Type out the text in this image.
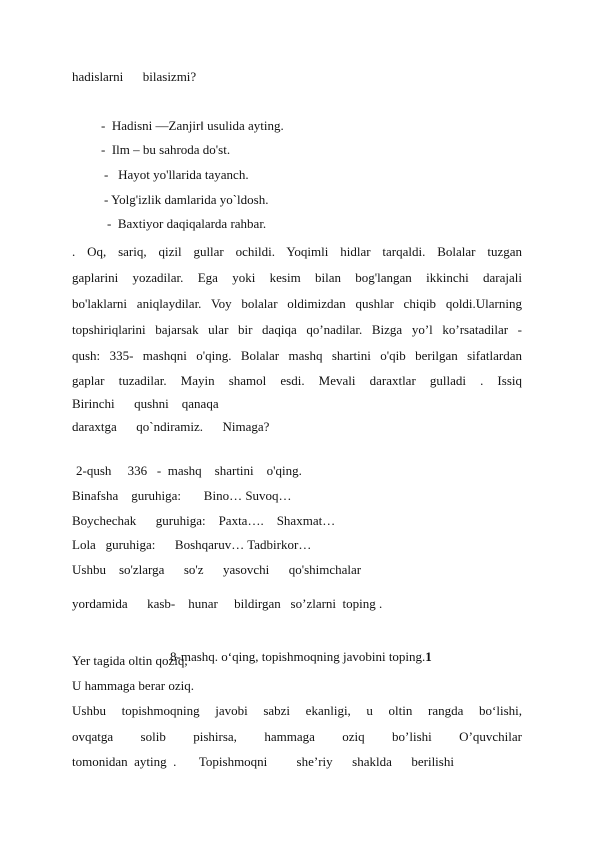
hadislarni      bilasizmi?
-  Hadisni —Zanjirǁ usulida ayting.
-  Ilm – bu sahroda do'st.
-   Hayot yo'llarida tayanch.
- Yolg'izlik damlarida yo`ldosh.
-  Baxtiyor daqiqalarda rahbar.
. Oq, sariq, qizil gullar ochildi. Yoqimli hidlar tarqaldi. Bolalar tuzgan
gaplarini yozadilar. Ega yoki kesim bilan bog'langan ikkinchi darajali
bo'laklarni aniqlaydilar. Voy bolalar oldimizdan qushlar chiqib qoldi.Ularning
topshiriqlarini bajarsak ular bir daqiqa qo’nadilar. Bizga yo’l ko’rsatadilar -
qush: 335- mashqni o'qing. Bolalar mashq shartini o'qib berilgan sifatlardan
gaplar tuzadilar. Mayin shamol esdi. Mevali daraxtlar gulladi . Issiq
Birinchi      qushni    qanaqa
daraxtga      qo`ndiramiz.      Nimaga?
2-qush     336   -  mashq    shartini    o'qing.
Binafsha    guruhiga:       Bino… Suvoq…
Boychechak      guruhiga:    Paxta….    Shaxmat…
Lola   guruhiga:      Boshqaruv… Tadbirkor…
Ushbu    so'zlarga      so'z      yasovchi      qo'shimchalar
yordamida      kasb-    hunar     bildirgan   so’zlarni  toping .

8-mashq. o‘qing, topishmoqning javobini toping.1

Yer tagida oltin qoziq,
U hammaga berar oziq.
Ushbu topishmoqning javobi sabzi ekanligi, u oltin rangda bo‘lishi,
ovqatga solib pishirsa, hammaga oziq bo’lishi O’quvchilar
tomonidan  ayting  .       Topishmoqni         she’riy      shaklda      berilishi
